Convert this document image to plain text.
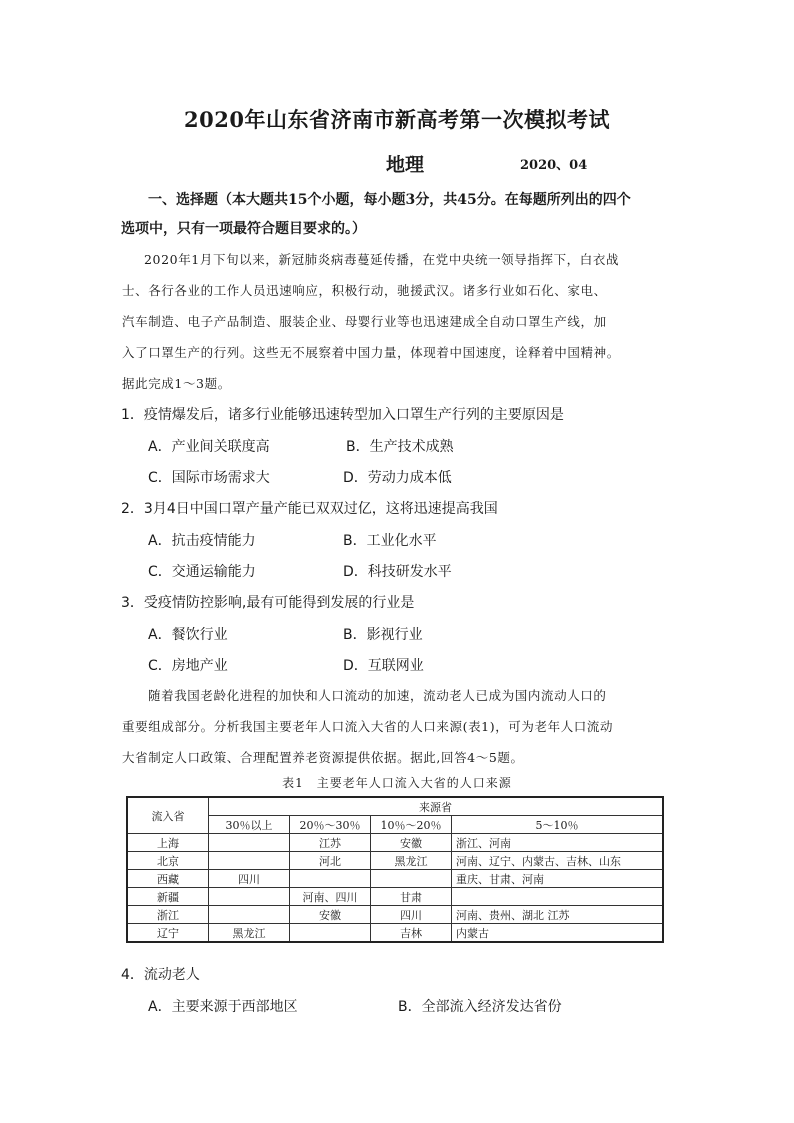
2020年山东省济南市新高考第一次模拟考试
地理	2020、04
一、选择题（本大题共15个小题，每小题3分，共45分。在每题所列出的四个
选项中，只有一项最符合题目要求的。）
2020年1月下旬以来，新冠肺炎病毒蔓延传播，在党中央统一领导指挥下，白衣战
士、各行各业的工作人员迅速响应，积极行动，驰援武汉。诸多行业如石化、家电、
汽车制造、电子产品制造、服装企业、母婴行业等也迅速建成全自动口罩生产线，加
入了口罩生产的行列。这些无不展察着中国力量，体现着中国速度，诠释着中国精神。
据此完成1～3题。
1．疫情爆发后，诸多行业能够迅速转型加入口罩生产行列的主要原因是
A．产业间关联度高	B．生产技术成熟
C．国际市场需求大	D．劳动力成本低
2．3月4日中国口罩产量产能已双双过亿，这将迅速提高我国
A．抗击疫情能力	B．工业化水平
C．交通运输能力	D．科技研发水平
3．受疫情防控影响,最有可能得到发展的行业是
A．餐饮行业	B．影视行业
C．房地产业	D．互联网业
随着我国老龄化进程的加快和人口流动的加速，流动老人已成为国内流动人口的
重要组成部分。分析我国主要老年人口流入大省的人口来源(表1)，可为老年人口流动
大省制定人口政策、合理配置养老资源提供依据。据此,回答4～5题。
表1　主要老年人口流入大省的人口来源
流入省	来源省			
	30％以上	20％～30％	10％～20％	5～10％
上海		江苏	安徽	浙江、河南
北京		河北	黑龙江	河南、辽宁、内蒙古、吉林、山东
西藏	四川			重庆、甘肃、河南
新疆		河南、四川	甘肃	
浙江		安徽	四川	河南、贵州、湖北 江苏
辽宁	黑龙江		吉林	内蒙古
4．流动老人
A．主要来源于西部地区	B．全部流入经济发达省份
